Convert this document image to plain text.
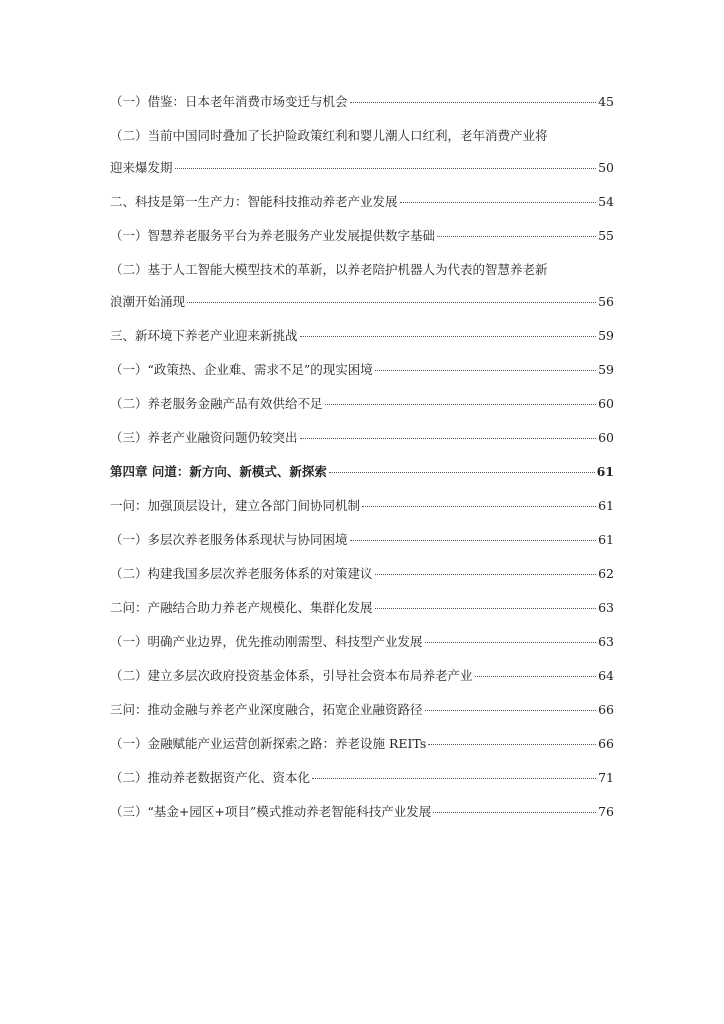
（一）借鉴：日本老年消费市场变迁与机会	45
（二）当前中国同时叠加了长护险政策红利和婴儿潮人口红利，老年消费产业将
迎来爆发期	50
二、科技是第一生产力：智能科技推动养老产业发展	54
（一）智慧养老服务平台为养老服务产业发展提供数字基础	55
（二）基于人工智能大模型技术的革新，以养老陪护机器人为代表的智慧养老新
浪潮开始涌现	56
三、新环境下养老产业迎来新挑战	59
（一）“政策热、企业难、需求不足”的现实困境	59
（二）养老服务金融产品有效供给不足	60
（三）养老产业融资问题仍较突出	60
第四章 问道：新方向、新模式、新探索	61
一问：加强顶层设计，建立各部门间协同机制	61
（一）多层次养老服务体系现状与协同困境	61
（二）构建我国多层次养老服务体系的对策建议	62
二问：产融结合助力养老产规模化、集群化发展	63
（一）明确产业边界，优先推动刚需型、科技型产业发展	63
（二）建立多层次政府投资基金体系，引导社会资本布局养老产业	64
三问：推动金融与养老产业深度融合，拓宽企业融资路径	66
（一）金融赋能产业运营创新探索之路：养老设施 REITs	66
（二）推动养老数据资产化、资本化	71
（三）“基金+园区+项目”模式推动养老智能科技产业发展	76
